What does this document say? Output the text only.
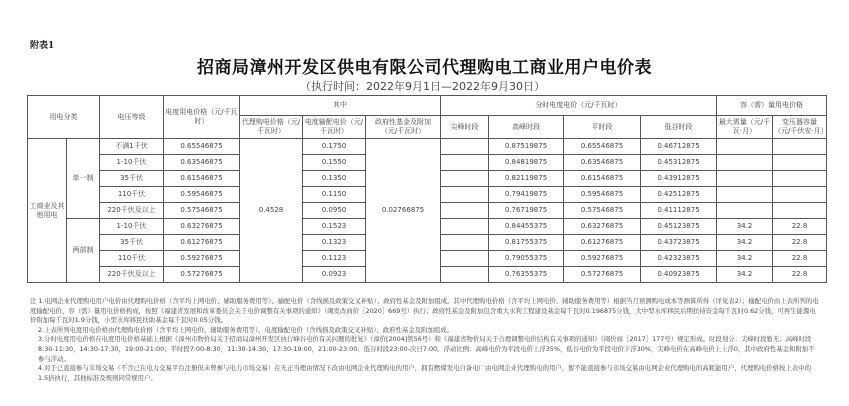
附表1
招商局漳州开发区供电有限公司代理购电工商业用户电价表
（执行时间：2022年9月1日—2022年9月30日）
用电分类		电压等级	电度用电价格（元/千瓦时）	其中			分时电度电价（元/千瓦时）				容（需）量用电价格	
				代理购电价格（元/千瓦时）	电度输配电价（元/千瓦时）	政府性基金及附加（元/千瓦时）	尖峰时段	高峰时段	平时段	低谷时段	最大需量（元/千瓦·月）	变压器容量（元/千伏安·月）
工商业及其他用电	单一制	不满1千伏	0.65546875	0.4528	0.1750	0.02766875		0.87519875	0.65546875	0.46712875		
		1-10千伏	0.63546875		0.1550			0.84819875	0.63546875	0.45312875		
		35千伏	0.61546875		0.1350			0.82119875	0.61546875	0.43912875		
		110千伏	0.59546875		0.1150			0.79419875	0.59546875	0.42512875		
		220千伏及以上	0.57546875		0.0950			0.76719875	0.57546875	0.41112875		
	两部制	1-10千伏	0.63276875		0.1523			0.84455375	0.63276875	0.45123875	34.2	22.8
		35千伏	0.61276875		0.1323			0.81755375	0.61276875	0.43723875	34.2	22.8
		110千伏	0.59276875		0.1123			0.79055375	0.59276875	0.42323875	34.2	22.8
		220千伏及以上	0.57276875		0.0923			0.76355375	0.57276875	0.40923875	34.2	22.8

注 1.电网企业代理购电用户电价由代理购电价格（含平均上网电价、辅助服务费用等）、输配电价（含线损及政策交叉补贴）、政府性基金及附加组成。其中代理购电价格（含平均上网电价、辅助服务费用等）根据当月预测购电成本等测算所得（详见表2）；输配电价由上表所列的电度输配电价、容（需）量用电价格构成，按照《福建省发展和改革委员会关于电价调整有关事项的通知》（闽发改商价［2020］669号）执行；政府性基金及附加包含重大水利工程建设基金每千瓦时0.196875分钱，大中型水库移民后期扶持资金每千瓦时0.62分钱，可再生能源电价附加每千瓦时1.9分钱，小型水库移民扶助基金每千瓦时0.05分钱。

2.上表所列电度用电价格由代理购电价格（含平均上网电价、辅助服务费用等）、电度输配电价（含线损及政策交叉补贴）、政府性基金及附加组成。

3.分时电度用电价格在电度用电价格基础上根据《漳州市物价局关于招商局漳州开发区执行峰谷电价有关问题的批复》（漳价[2004]管56号）和《福建省物价局关于合理调整电价结构有关事项的通知》（闽价商［2017］177号）规定形成。时段划分：尖峰时段暂无；高峰时段8:30-11:30，14:30-17:30，19:00-21:00；平时段7:00-8:30，11:30-14:30，17:30-19:00，21:00-23:00；低谷时段23:00-次日7:00。浮动比例：高峰电价为平段电价上浮35%，低谷电价为平段电价下浮30%，尖峰电价在高峰电价上上浮0，其中政府性基金和附加不参与浮动。

4.对于已直接参与市场交易（不含已在电力交易平台注册但未曾参与电力市场交易）在无正当理由情况下改由电网企业代理购电的用户，拥有燃煤发电自备电厂由电网企业代理购电的用户，暂不能直接参与市场交易由电网企业代理购电的高耗能用户，代理购电价格按上表中的1.5倍执行，其他标准及规则同常规用户。
